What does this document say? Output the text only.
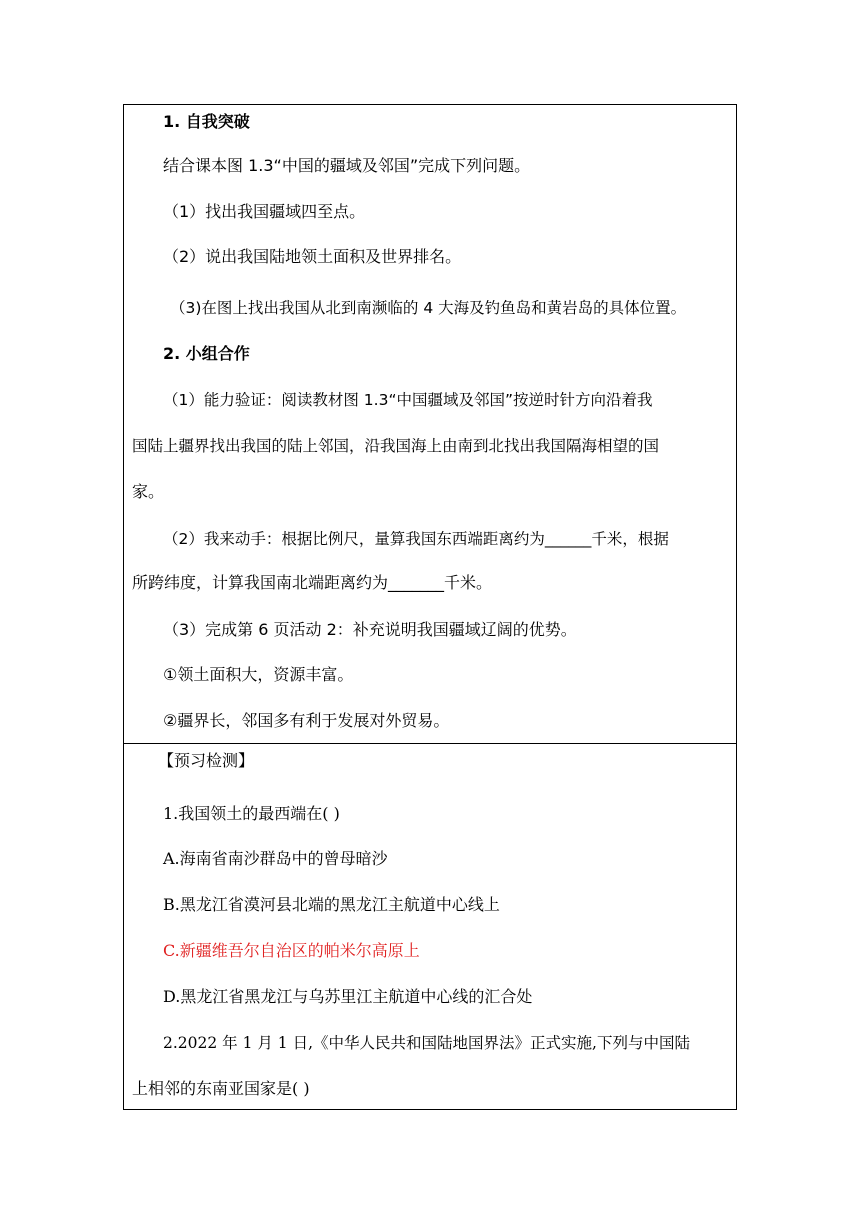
1. 自我突破
结合课本图 1.3“中国的疆域及邻国”完成下列问题。
（1）找出我国疆域四至点。
（2）说出我国陆地领土面积及世界排名。
（3)在图上找出我国从北到南濒临的 4 大海及钓鱼岛和黄岩岛的具体位置。
2. 小组合作
（1）能力验证：阅读教材图 1.3“中国疆域及邻国”按逆时针方向沿着我
国陆上疆界找出我国的陆上邻国，沿我国海上由南到北找出我国隔海相望的国
家。
（2）我来动手：根据比例尺，量算我国东西端距离约为______千米，根据
所跨纬度，计算我国南北端距离约为_______千米。
（3）完成第 6 页活动 2：补充说明我国疆域辽阔的优势。
①领土面积大，资源丰富。
②疆界长，邻国多有利于发展对外贸易。
【预习检测】
1.我国领土的最西端在( )
A.海南省南沙群岛中的曾母暗沙
B.黑龙江省漠河县北端的黑龙江主航道中心线上
C.新疆维吾尔自治区的帕米尔高原上
D.黑龙江省黑龙江与乌苏里江主航道中心线的汇合处
2.2022 年 1 月 1 日,《中华人民共和国陆地国界法》正式实施,下列与中国陆
上相邻的东南亚国家是( )
